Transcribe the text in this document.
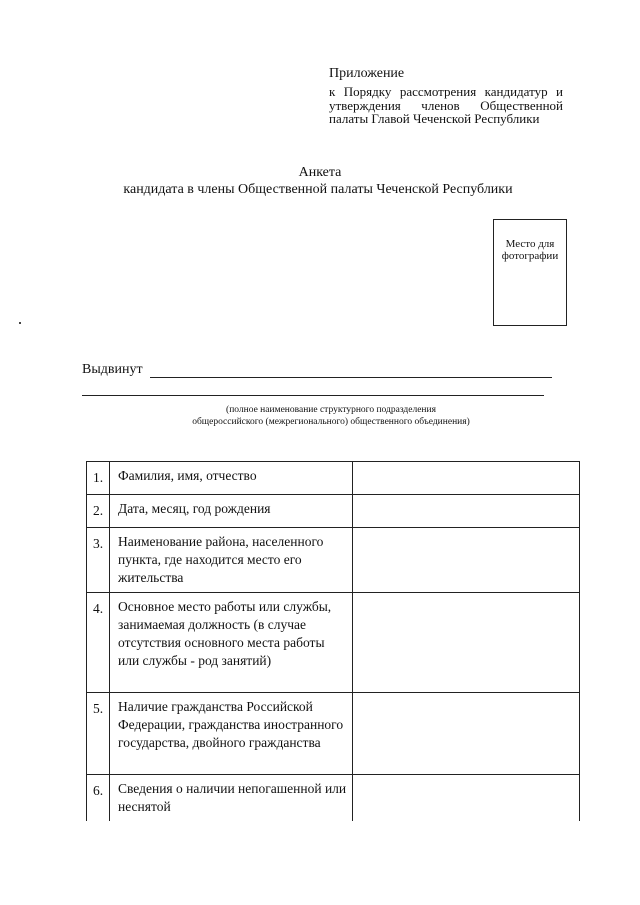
Приложение
к Порядку рассмотрения кандидатур и утверждения членов Общественной палаты Главой Чеченской Республики
Анкета
кандидата в члены Общественной палаты Чеченской Республики
Место для фотографии
Выдвинут
(полное наименование структурного подразделения
общероссийского (межрегионального) общественного объединения)
1.	Фамилия, имя, отчество	
2.	Дата, месяц, год рождения	
3.	Наименование района, населенного пункта, где находится место его жительства	
4.	Основное место работы или службы, занимаемая должность (в случае отсутствия основного места работы или службы - род занятий)	
5.	Наличие гражданства Российской Федерации, гражданства иностранного государства, двойного гражданства	
6.	Сведения о наличии непогашенной или неснятой	
